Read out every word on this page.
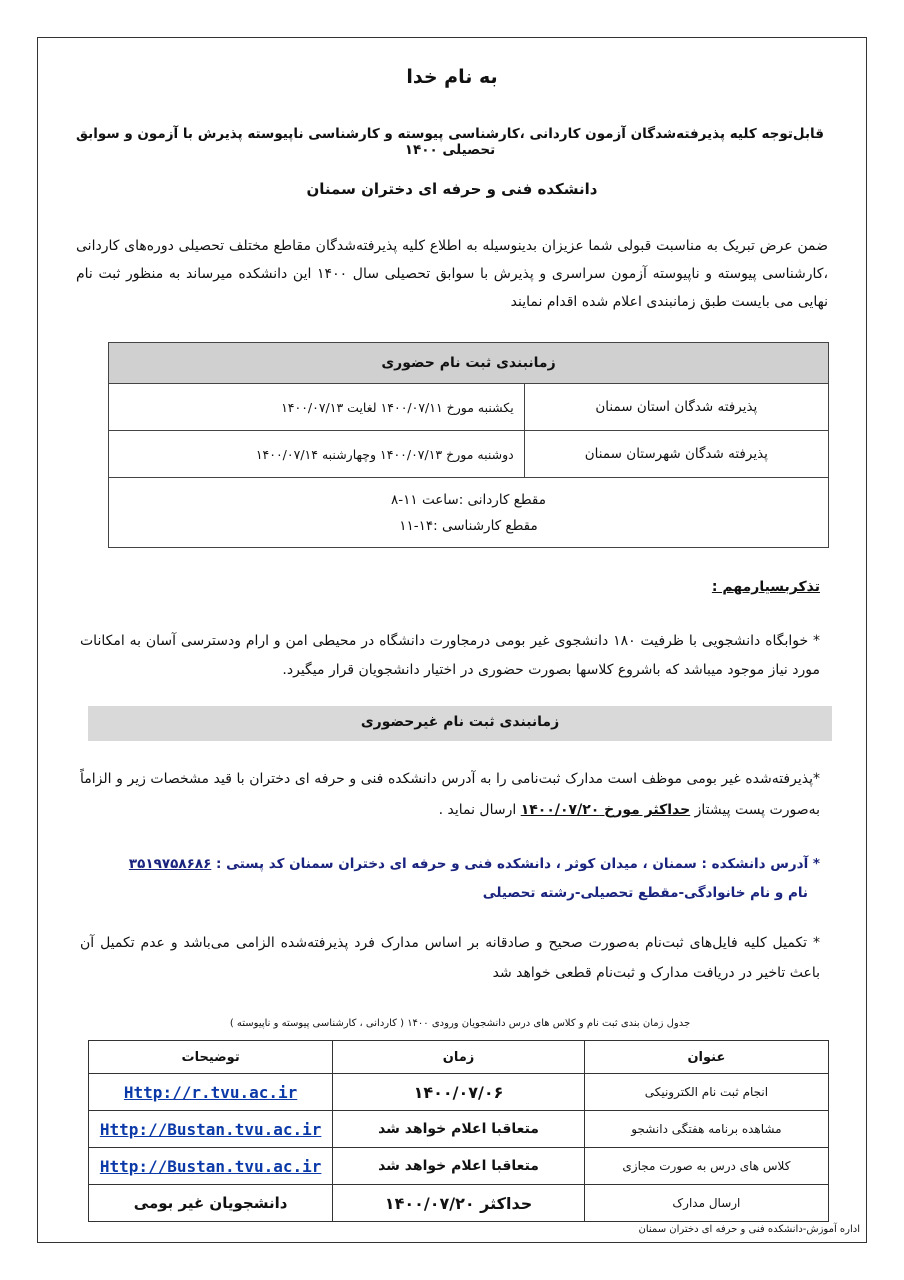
به نام خدا
قابل‌توجه کلیه پذیرفته‌شدگان آزمون کاردانی ،کارشناسی پیوسته و کارشناسی ناپیوسته پذیرش با آزمون و سوابق تحصیلی ۱۴۰۰
دانشکده فنی و حرفه ای دختران سمنان
ضمن عرض تبریک به مناسبت قبولی شما عزیزان بدینوسیله به اطلاع کلیه پذیرفته‌شدگان مقاطع مختلف تحصیلی دوره‌های کاردانی ،کارشناسی پیوسته و ناپیوسته آزمون سراسری و پذیرش با سوابق تحصیلی سال ۱۴۰۰ این دانشکده میرساند به منظور ثبت نام نهایی می بایست طبق زمانبندی اعلام شده اقدام نمایند
زمانبندی ثبت نام حضوری	
پذیرفته شدگان استان سمنان	یکشنبه مورخ ۱۴۰۰/۰۷/۱۱ لغایت ۱۴۰۰/۰۷/۱۳
پذیرفته شدگان شهرستان سمنان	دوشنبه مورخ ۱۴۰۰/۰۷/۱۳ وچهارشنبه ۱۴۰۰/۰۷/۱۴

مقطع کاردانی :ساعت ۱۱-۸
مقطع کارشناسی :۱۴-۱۱	
تذکربسیارمهم :
* خوابگاه دانشجویی با ظرفیت ۱۸۰ دانشجوی غیر بومی درمجاورت دانشگاه در محیطی امن و ارام ودسترسی آسان به امکانات مورد نیاز موجود میباشد که باشروع کلاسها بصورت حضوری در اختیار دانشجویان قرار میگیرد.
زمانبندی ثبت نام غیرحضوری
*پذیرفته‌شده غیر بومی موظف است مدارک ثبت‌نامی را به آدرس دانشکده فنی و حرفه ای دختران با قید مشخصات زیر و الزاماً به‌صورت پست پیشتاز حداکثر مورخ ۱۴۰۰/۰۷/۲۰ ارسال نماید .
* آدرس دانشکده : سمنان ، میدان کوثر ، دانشکده فنی و حرفه ای دختران سمنان کد پستی : ۳۵۱۹۷۵۸۶۸۶
نام و نام خانوادگی-مقطع تحصیلی-رشته تحصیلی
* تکمیل کلیه فایل‌های ثبت‌نام به‌صورت صحیح و صادقانه بر اساس مدارک فرد پذیرفته‌شده الزامی می‌باشد و عدم تکمیل آن باعث تاخیر در دریافت مدارک و ثبت‌نام قطعی خواهد شد
جدول زمان بندی ثبت نام و کلاس های درس دانشجویان ورودی ۱۴۰۰ ( کاردانی ، کارشناسی پیوسته و ناپیوسته )
عنوان	زمان	توضیحات
انجام ثبت نام الکترونیکی	۱۴۰۰/۰۷/۰۶	Http://r.tvu.ac.ir
مشاهده برنامه هفتگی دانشجو	متعاقبا اعلام خواهد شد	Http://Bustan.tvu.ac.ir
کلاس های درس به صورت مجازی	متعاقبا اعلام خواهد شد	Http://Bustan.tvu.ac.ir
ارسال مدارک	حداکثر ۱۴۰۰/۰۷/۲۰	دانشجویان غیر بومی
اداره آموزش-دانشکده فنی و حرفه ای دختران سمنان
